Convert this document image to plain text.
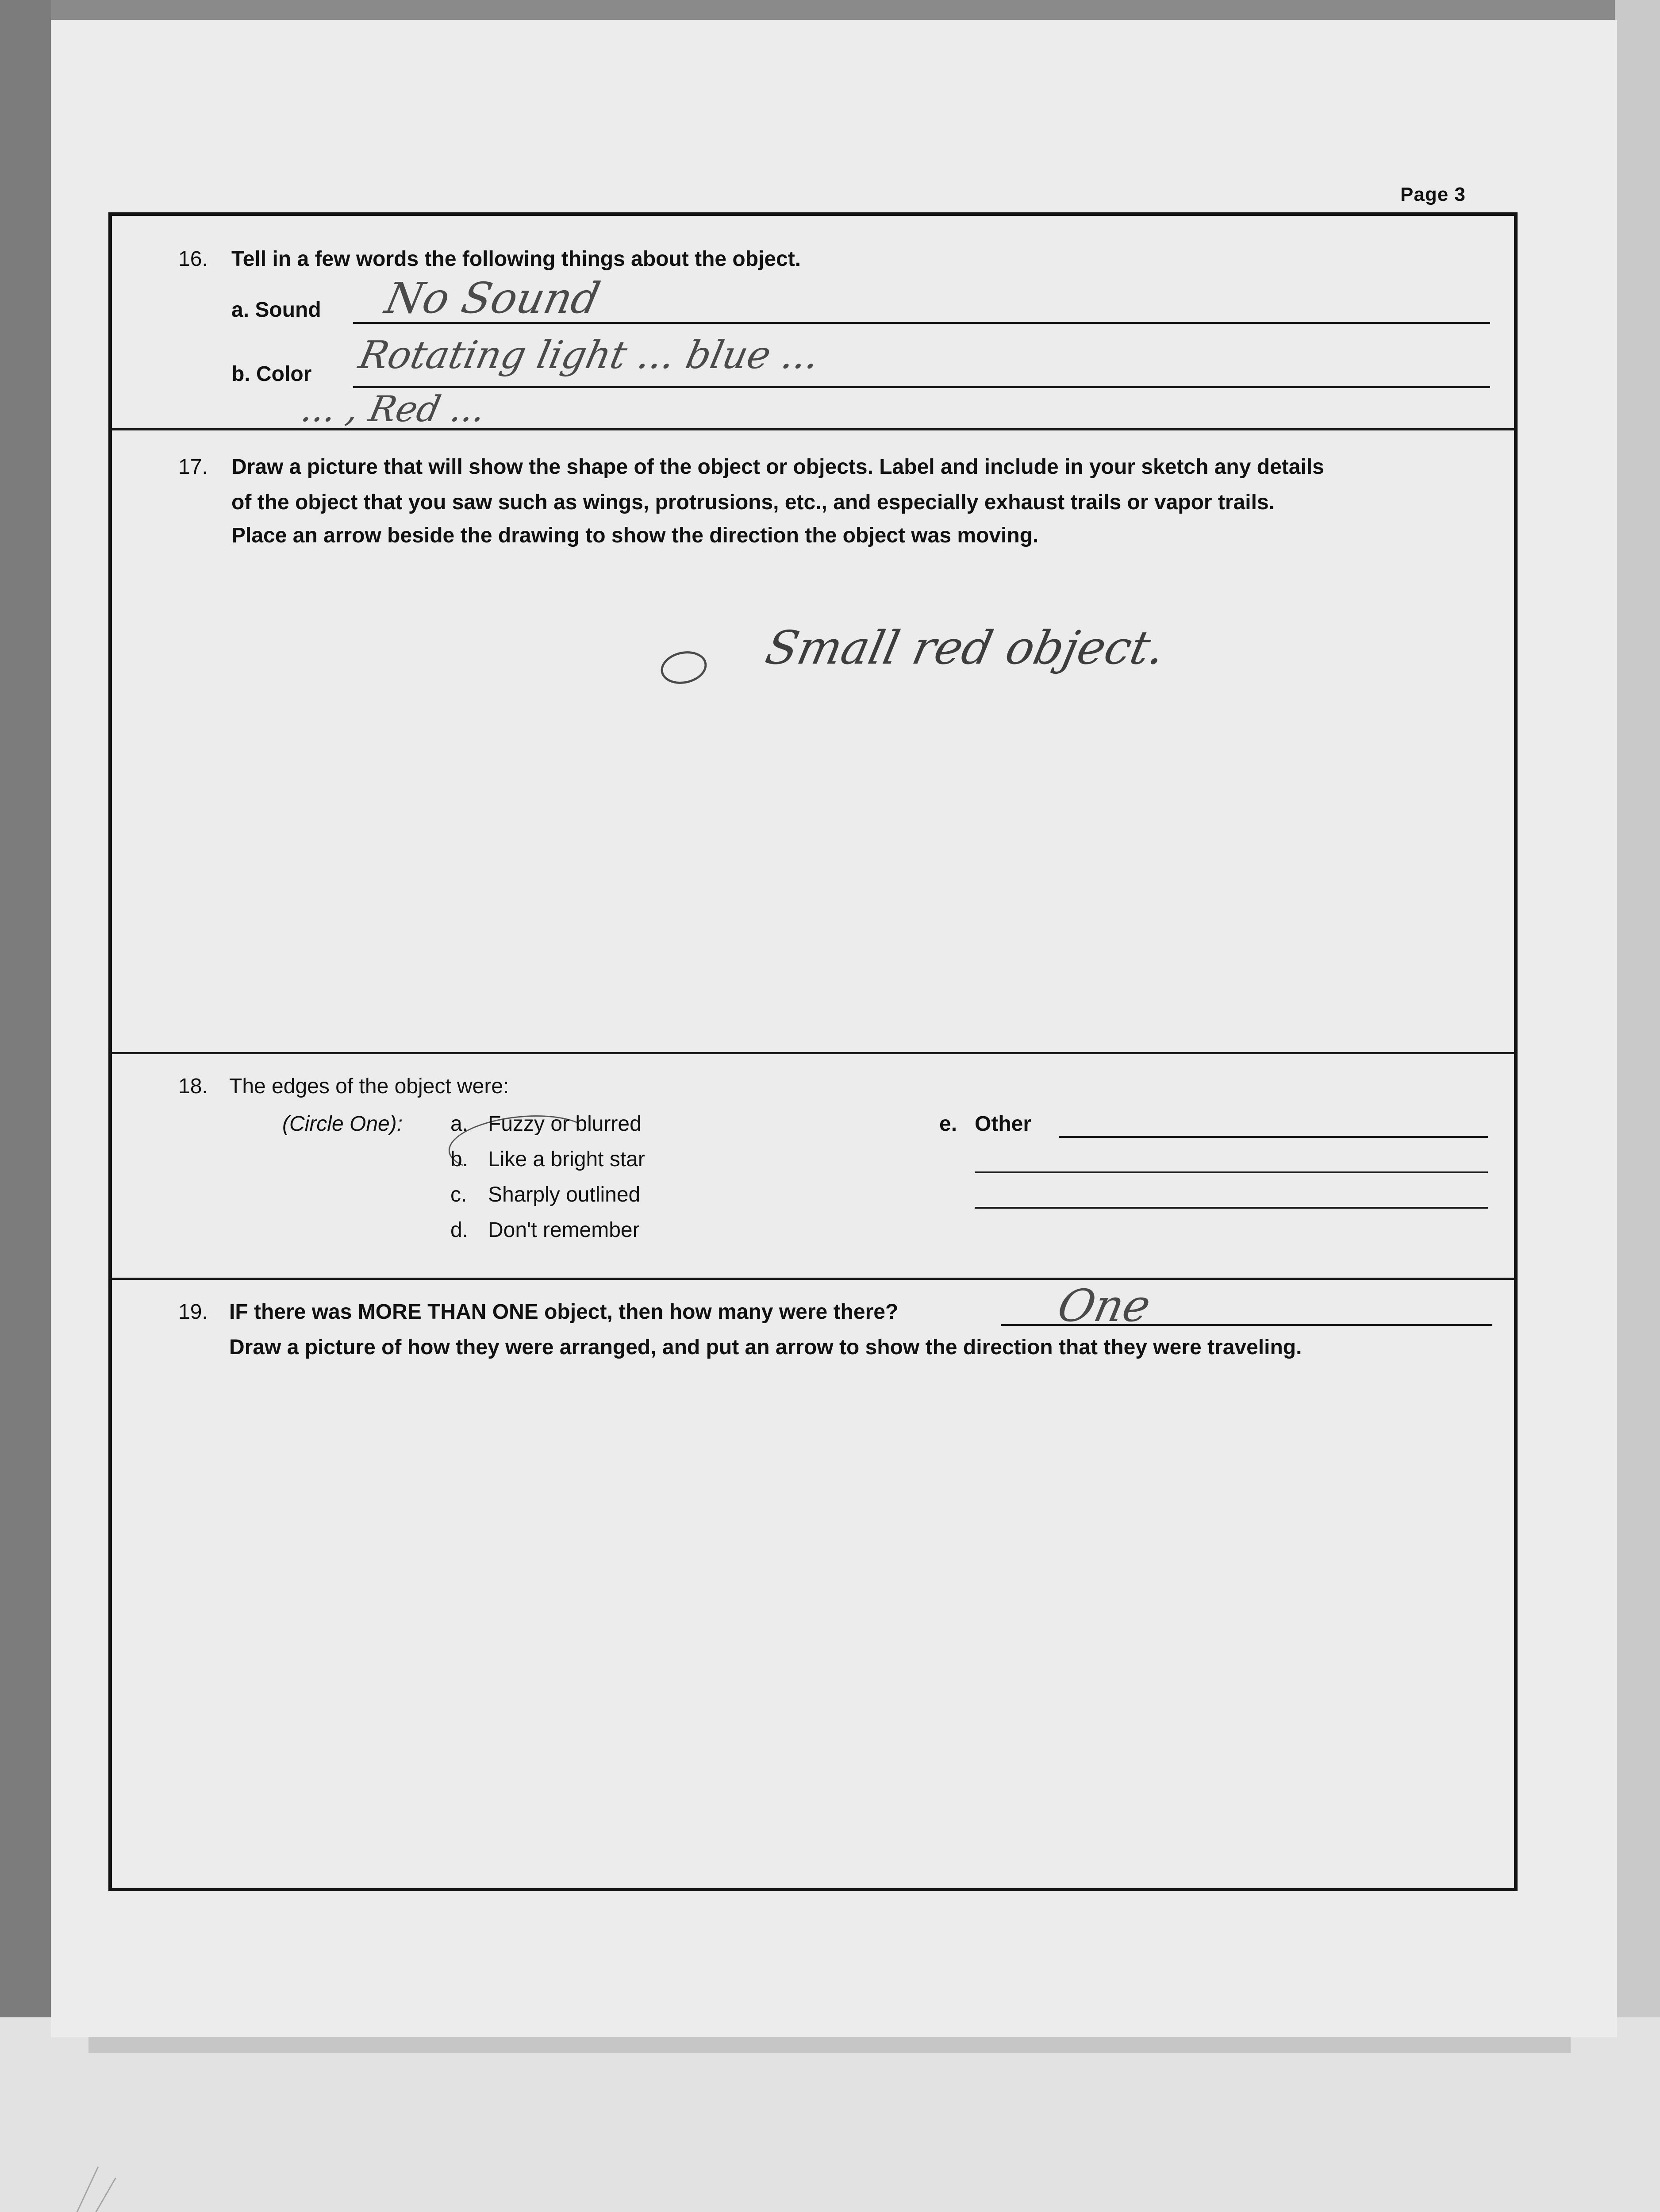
Page 3
16. Tell in a few words the following things about the object.
a. Sound No Sound
b. Color Rotating light ... blue ...
... , Red ...
17. Draw a picture that will show the shape of the object or objects. Label and include in your sketch any details
of the object that you saw such as wings, protrusions, etc., and especially exhaust trails or vapor trails.
Place an arrow beside the drawing to show the direction the object was moving.
Small red object.
18. The edges of the object were:
(Circle One): a. Fuzzy or blurred
b. Like a bright star
c. Sharply outlined
d. Don't remember
e. Other
19. IF there was MORE THAN ONE object, then how many were there?	One
Draw a picture of how they were arranged, and put an arrow to show the direction that they were traveling.
